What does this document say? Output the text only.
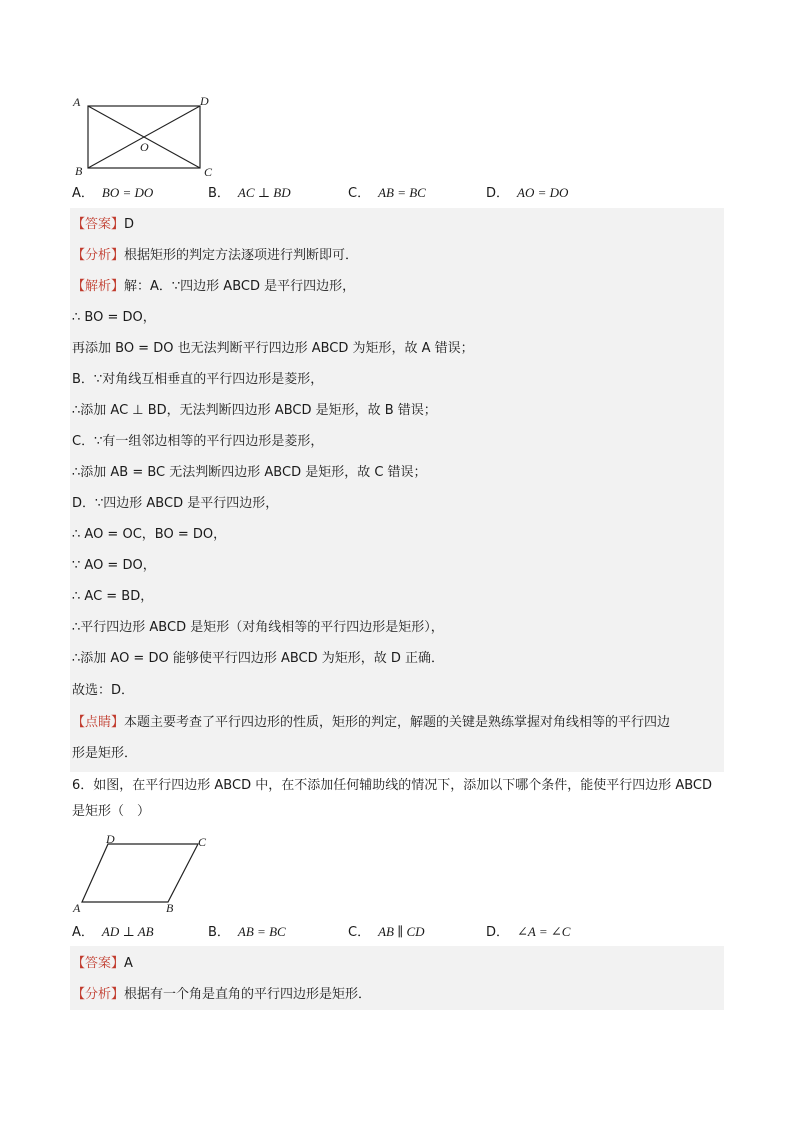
A	D
B	C
O
A． BO = DO	B． AC ⊥ BD	C． AB = BC	D． AO = DO
【答案】D
【分析】根据矩形的判定方法逐项进行判断即可．
【解析】解：A．∵四边形 ABCD 是平行四边形，
∴ BO = DO，
再添加 BO = DO 也无法判断平行四边形 ABCD 为矩形，故 A 错误；
B．∵对角线互相垂直的平行四边形是菱形，
∴添加 AC ⊥ BD，无法判断四边形 ABCD 是矩形，故 B 错误；
C．∵有一组邻边相等的平行四边形是菱形，
∴添加 AB = BC 无法判断四边形 ABCD 是矩形，故 C 错误；
D．∵四边形 ABCD 是平行四边形，
∴ AO = OC，BO = DO，
∵ AO = DO，
∴ AC = BD，
∴平行四边形 ABCD 是矩形（对角线相等的平行四边形是矩形），
∴添加 AO = DO 能够使平行四边形 ABCD 为矩形，故 D 正确．
故选：D．
【点睛】本题主要考查了平行四边形的性质，矩形的判定，解题的关键是熟练掌握对角线相等的平行四边
形是矩形．
6．如图，在平行四边形 ABCD 中，在不添加任何辅助线的情况下，添加以下哪个条件，能使平行四边形 ABCD
是矩形（　）
D	C
A	B
A． AD ⊥ AB	B． AB = BC	C． AB ∥ CD	D． ∠A = ∠C
【答案】A
【分析】根据有一个角是直角的平行四边形是矩形．
